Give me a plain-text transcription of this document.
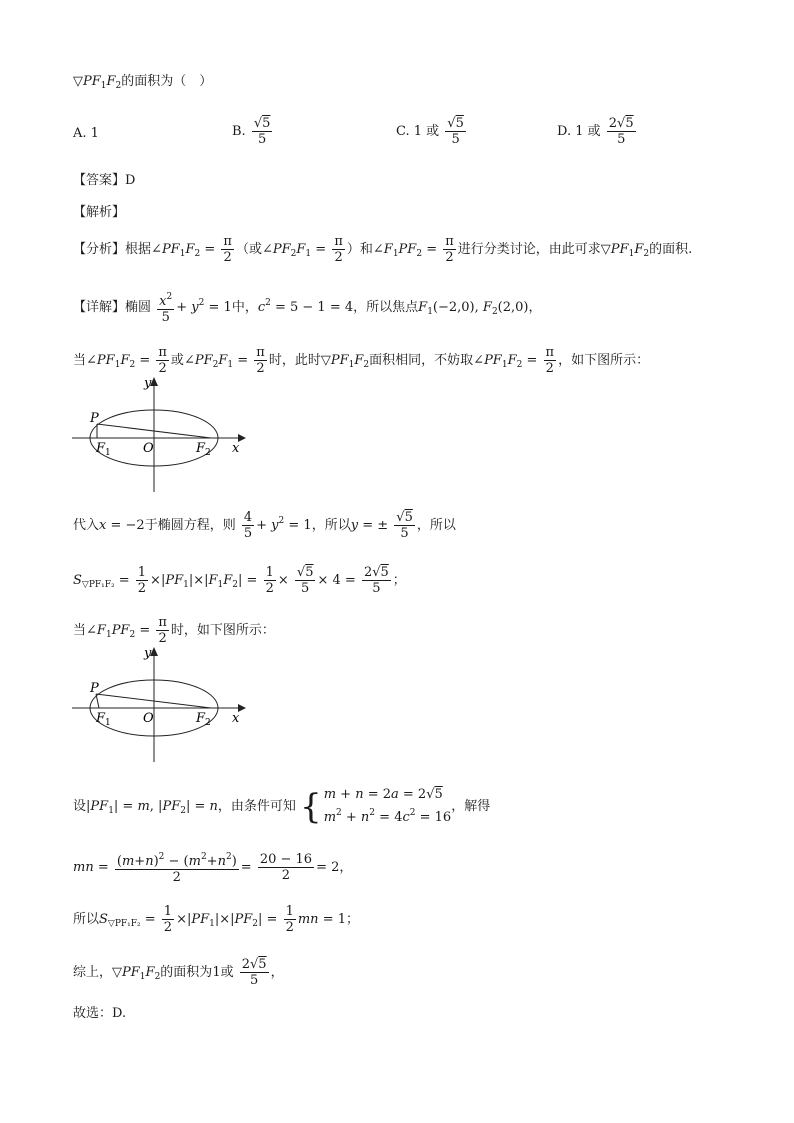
$▽PF_1F_2$的面积为（　）
A. 1	B. $\frac{√5}{5}$	C. 1 或 $\frac{√5}{5}$	D. 1 或 $\frac{2√5}{5}$
【答案】D
【解析】
【分析】根据$\angle PF_1F_2 = \frac{\pi}{2}$ （或$\angle PF_2F_1 = \frac{\pi}{2}$ ）和$\angle F_1PF_2 = \frac{\pi}{2}$ 进行分类讨论，由此可求$▽PF_1F_2$的面积.
【详解】椭圆 $\frac{x^2}{5} + y^2 = 1$中，$c^2 = 5 - 1 = 4$，所以焦点$F_1(-2,0)$, $F_2(2,0)$，
当$\angle PF_1F_2 = \frac{\pi}{2}$ 或$\angle PF_2F_1 = \frac{\pi}{2}$ 时，此时$▽PF_1F_2$面积相同，不妨取$\angle PF_1F_2 = \frac{\pi}{2}$ ，如下图所示：
P
F 1 O	F 2 x
y
代入x = −2于椭圆方程，则 $\frac{4}{5} + y^2 = 1$，所以y = ± $\frac{√5}{5}$ ，所以
$S_{▽PF_1F_2} = \frac{1}{2} \times|PF_1|\times|F_1F_2| = \frac{1}{2} \times \frac{√5}{5} \times 4 = \frac{2√5}{5}$ ；
当$\angle F_1PF_2 = \frac{\pi}{2}$ 时，如下图所示：
P
F 1 O	F 2 x
y
设$|PF_1| = m$, $|PF_2| = n$，由条件可知 { m + n = 2a = 2√5
$m^2 + n^2 = 4c^2 = 16$
，解得
mn = $\frac{(m+n)^2 - (m^2+n^2)}{2} = \frac{20 - 16}{2} = 2$，
所以$S_{▽PF_1F_2} = \frac{1}{2} \times|PF_1|\times|PF_2| = \frac{1}{2}$ mn = 1；
综上，$▽PF_1F_2$的面积为1或 $\frac{2√5}{5}$ ，
故选：D.
